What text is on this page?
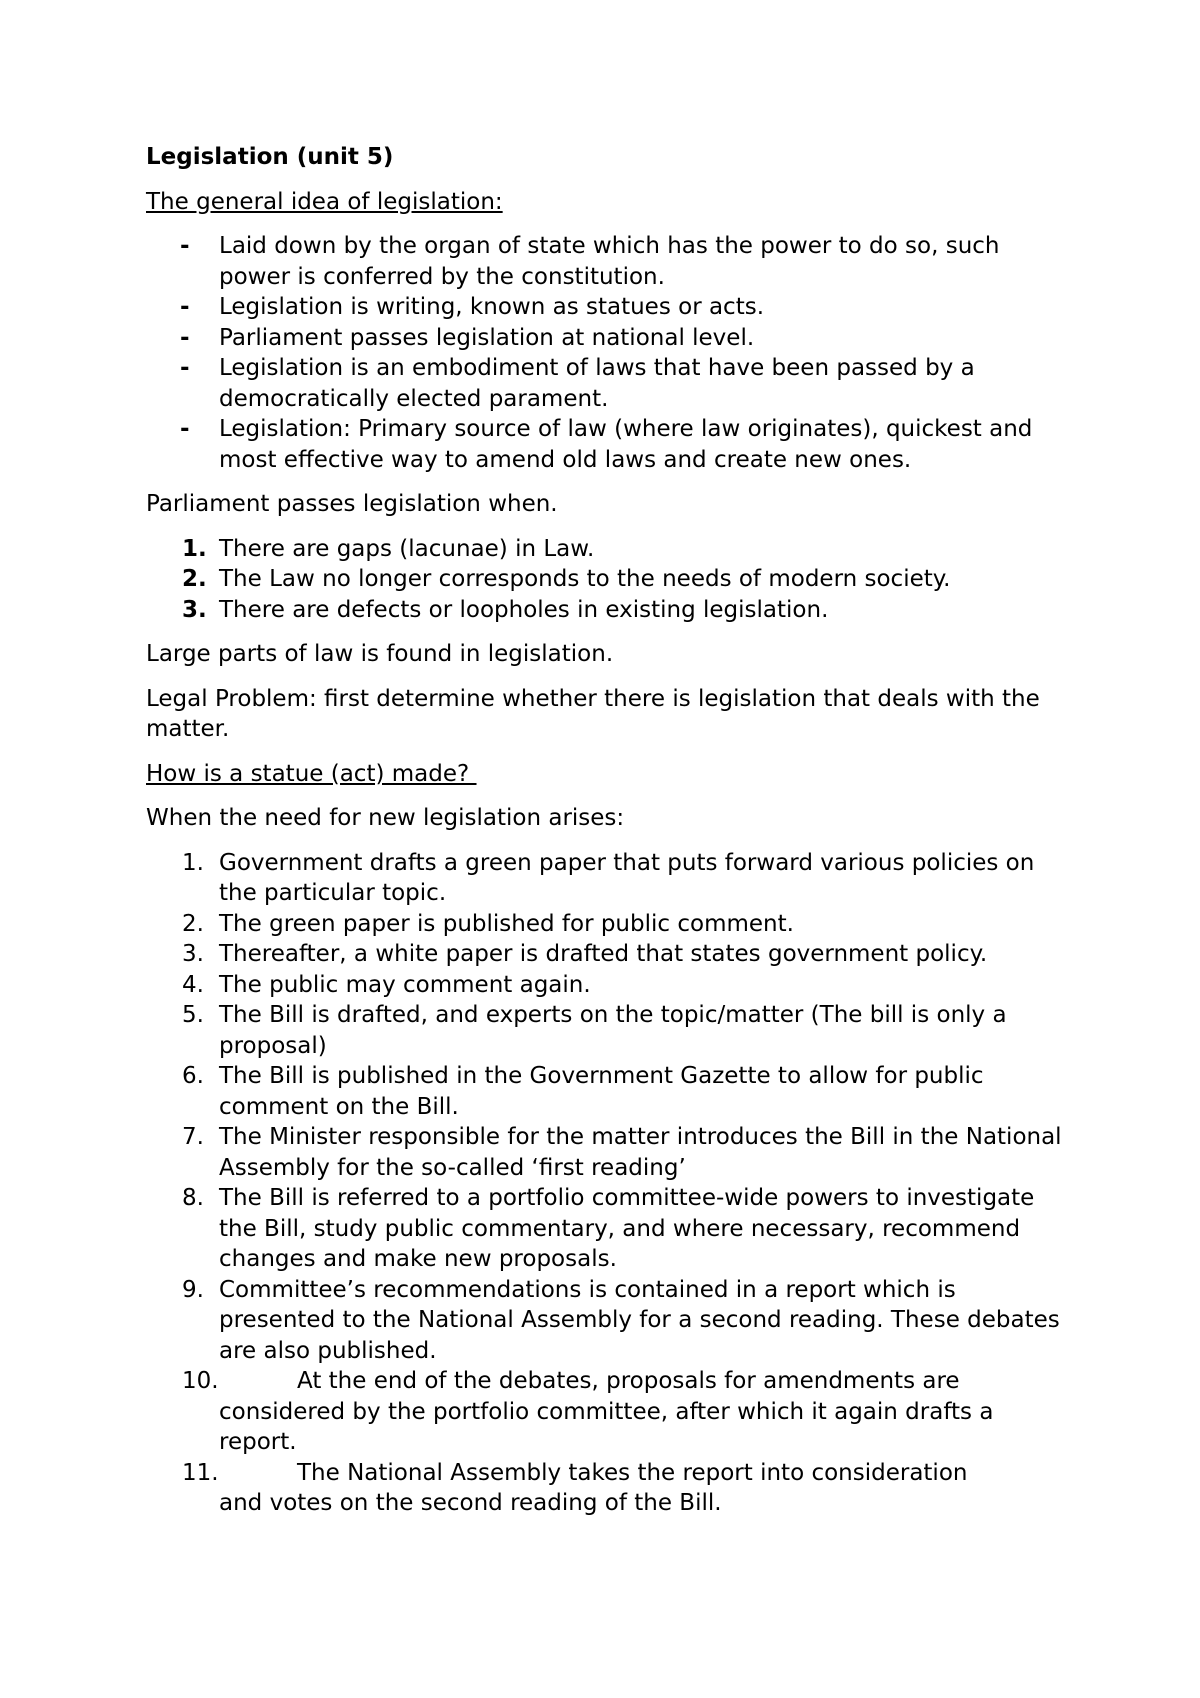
Legislation (unit 5)
The general idea of legislation:
- Laid down by the organ of state which has the power to do so, such power is conferred by the constitution.
- Legislation is writing, known as statues or acts.
- Parliament passes legislation at national level.
- Legislation is an embodiment of laws that have been passed by a democratically elected parament.
- Legislation: Primary source of law (where law originates), quickest and most effective way to amend old laws and create new ones.
Parliament passes legislation when.
1. There are gaps (lacunae) in Law.
2. The Law no longer corresponds to the needs of modern society.
3. There are defects or loopholes in existing legislation.
Large parts of law is found in legislation.
Legal Problem: first determine whether there is legislation that deals with the matter.
How is a statue (act) made?
When the need for new legislation arises:
1. Government drafts a green paper that puts forward various policies on the particular topic.
2. The green paper is published for public comment.
3. Thereafter, a white paper is drafted that states government policy.
4. The public may comment again.
5. The Bill is drafted, and experts on the topic/matter (The bill is only a proposal)
6. The Bill is published in the Government Gazette to allow for public comment on the Bill.
7. The Minister responsible for the matter introduces the Bill in the National Assembly for the so-called ‘first reading’
8. The Bill is referred to a portfolio committee-wide powers to investigate the Bill, study public commentary, and where necessary, recommend changes and make new proposals.
9. Committee’s recommendations is contained in a report which is presented to the National Assembly for a second reading. These debates are also published.
10.	At the end of the debates, proposals for amendments are
considered by the portfolio committee, after which it again drafts a report.
11.	The National Assembly takes the report into consideration
and votes on the second reading of the Bill.
